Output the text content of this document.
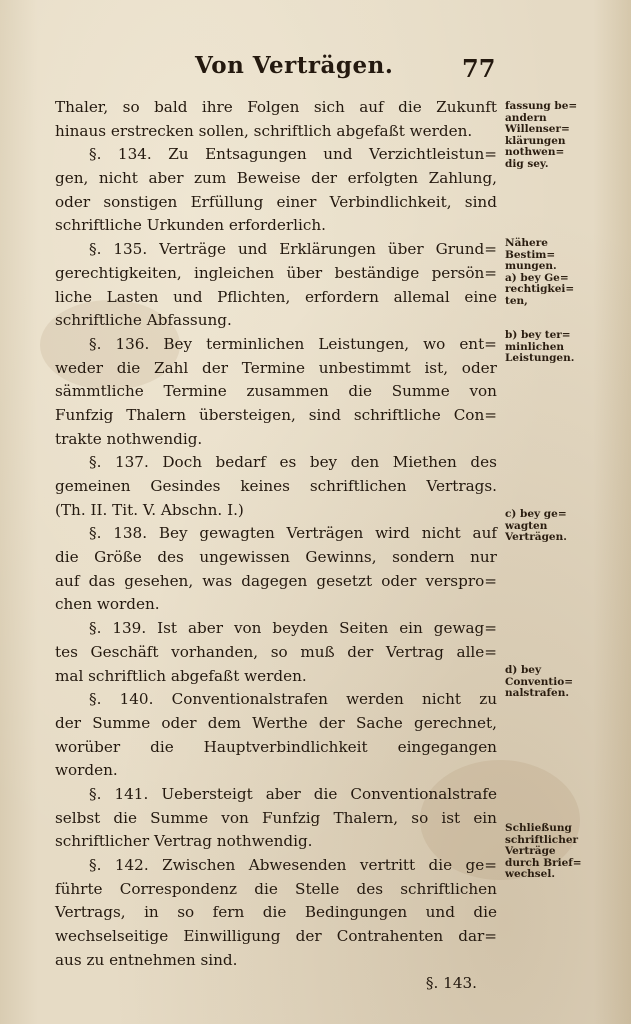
Von Verträgen.	77
Thaler, so bald ihre Folgen sich auf die Zukunft
hinaus erstrecken sollen, schriftlich abgefaßt werden.
§. 134. Zu Entsagungen und Verzichtleistun=
gen, nicht aber zum Beweise der erfolgten Zahlung,
oder sonstigen Erfüllung einer Verbindlichkeit, sind
schriftliche Urkunden erforderlich.
§. 135. Verträge und Erklärungen über Grund=
gerechtigkeiten, ingleichen über beständige persön=
liche Lasten und Pflichten, erfordern allemal eine
schriftliche Abfassung.
§. 136. Bey terminlichen Leistungen, wo ent=
weder die Zahl der Termine unbestimmt ist, oder
sämmtliche Termine zusammen die Summe von
Funfzig Thalern übersteigen, sind schriftliche Con=
trakte nothwendig.
§. 137. Doch bedarf es bey den Miethen des
gemeinen Gesindes keines schriftlichen Vertrags.
(Th. II. Tit. V. Abschn. I.)
§. 138. Bey gewagten Verträgen wird nicht auf
die Größe des ungewissen Gewinns, sondern nur
auf das gesehen, was dagegen gesetzt oder verspro=
chen worden.
§. 139. Ist aber von beyden Seiten ein gewag=
tes Geschäft vorhanden, so muß der Vertrag alle=
mal schriftlich abgefaßt werden.
§. 140. Conventionalstrafen werden nicht zu
der Summe oder dem Werthe der Sache gerechnet,
worüber die Hauptverbindlichkeit eingegangen
worden.
§. 141. Uebersteigt aber die Conventionalstrafe
selbst die Summe von Funfzig Thalern, so ist ein
schriftlicher Vertrag nothwendig.
§. 142. Zwischen Abwesenden vertritt die ge=
führte Correspondenz die Stelle des schriftlichen
Vertrags, in so fern die Bedingungen und die
wechselseitige Einwilligung der Contrahenten dar=
aus zu entnehmen sind.
§. 143.
fassung be=
andern
Willenser=
klärungen
nothwen=
dig sey.
Nähere
Bestim=
mungen.
a) bey Ge=
rechtigkei=
ten,
b) bey ter=
minlichen
Leistungen.
c) bey ge=
wagten
Verträgen.
d) bey
Conventio=
nalstrafen.
Schließung
schriftlicher
Verträge
durch Brief=
wechsel.
